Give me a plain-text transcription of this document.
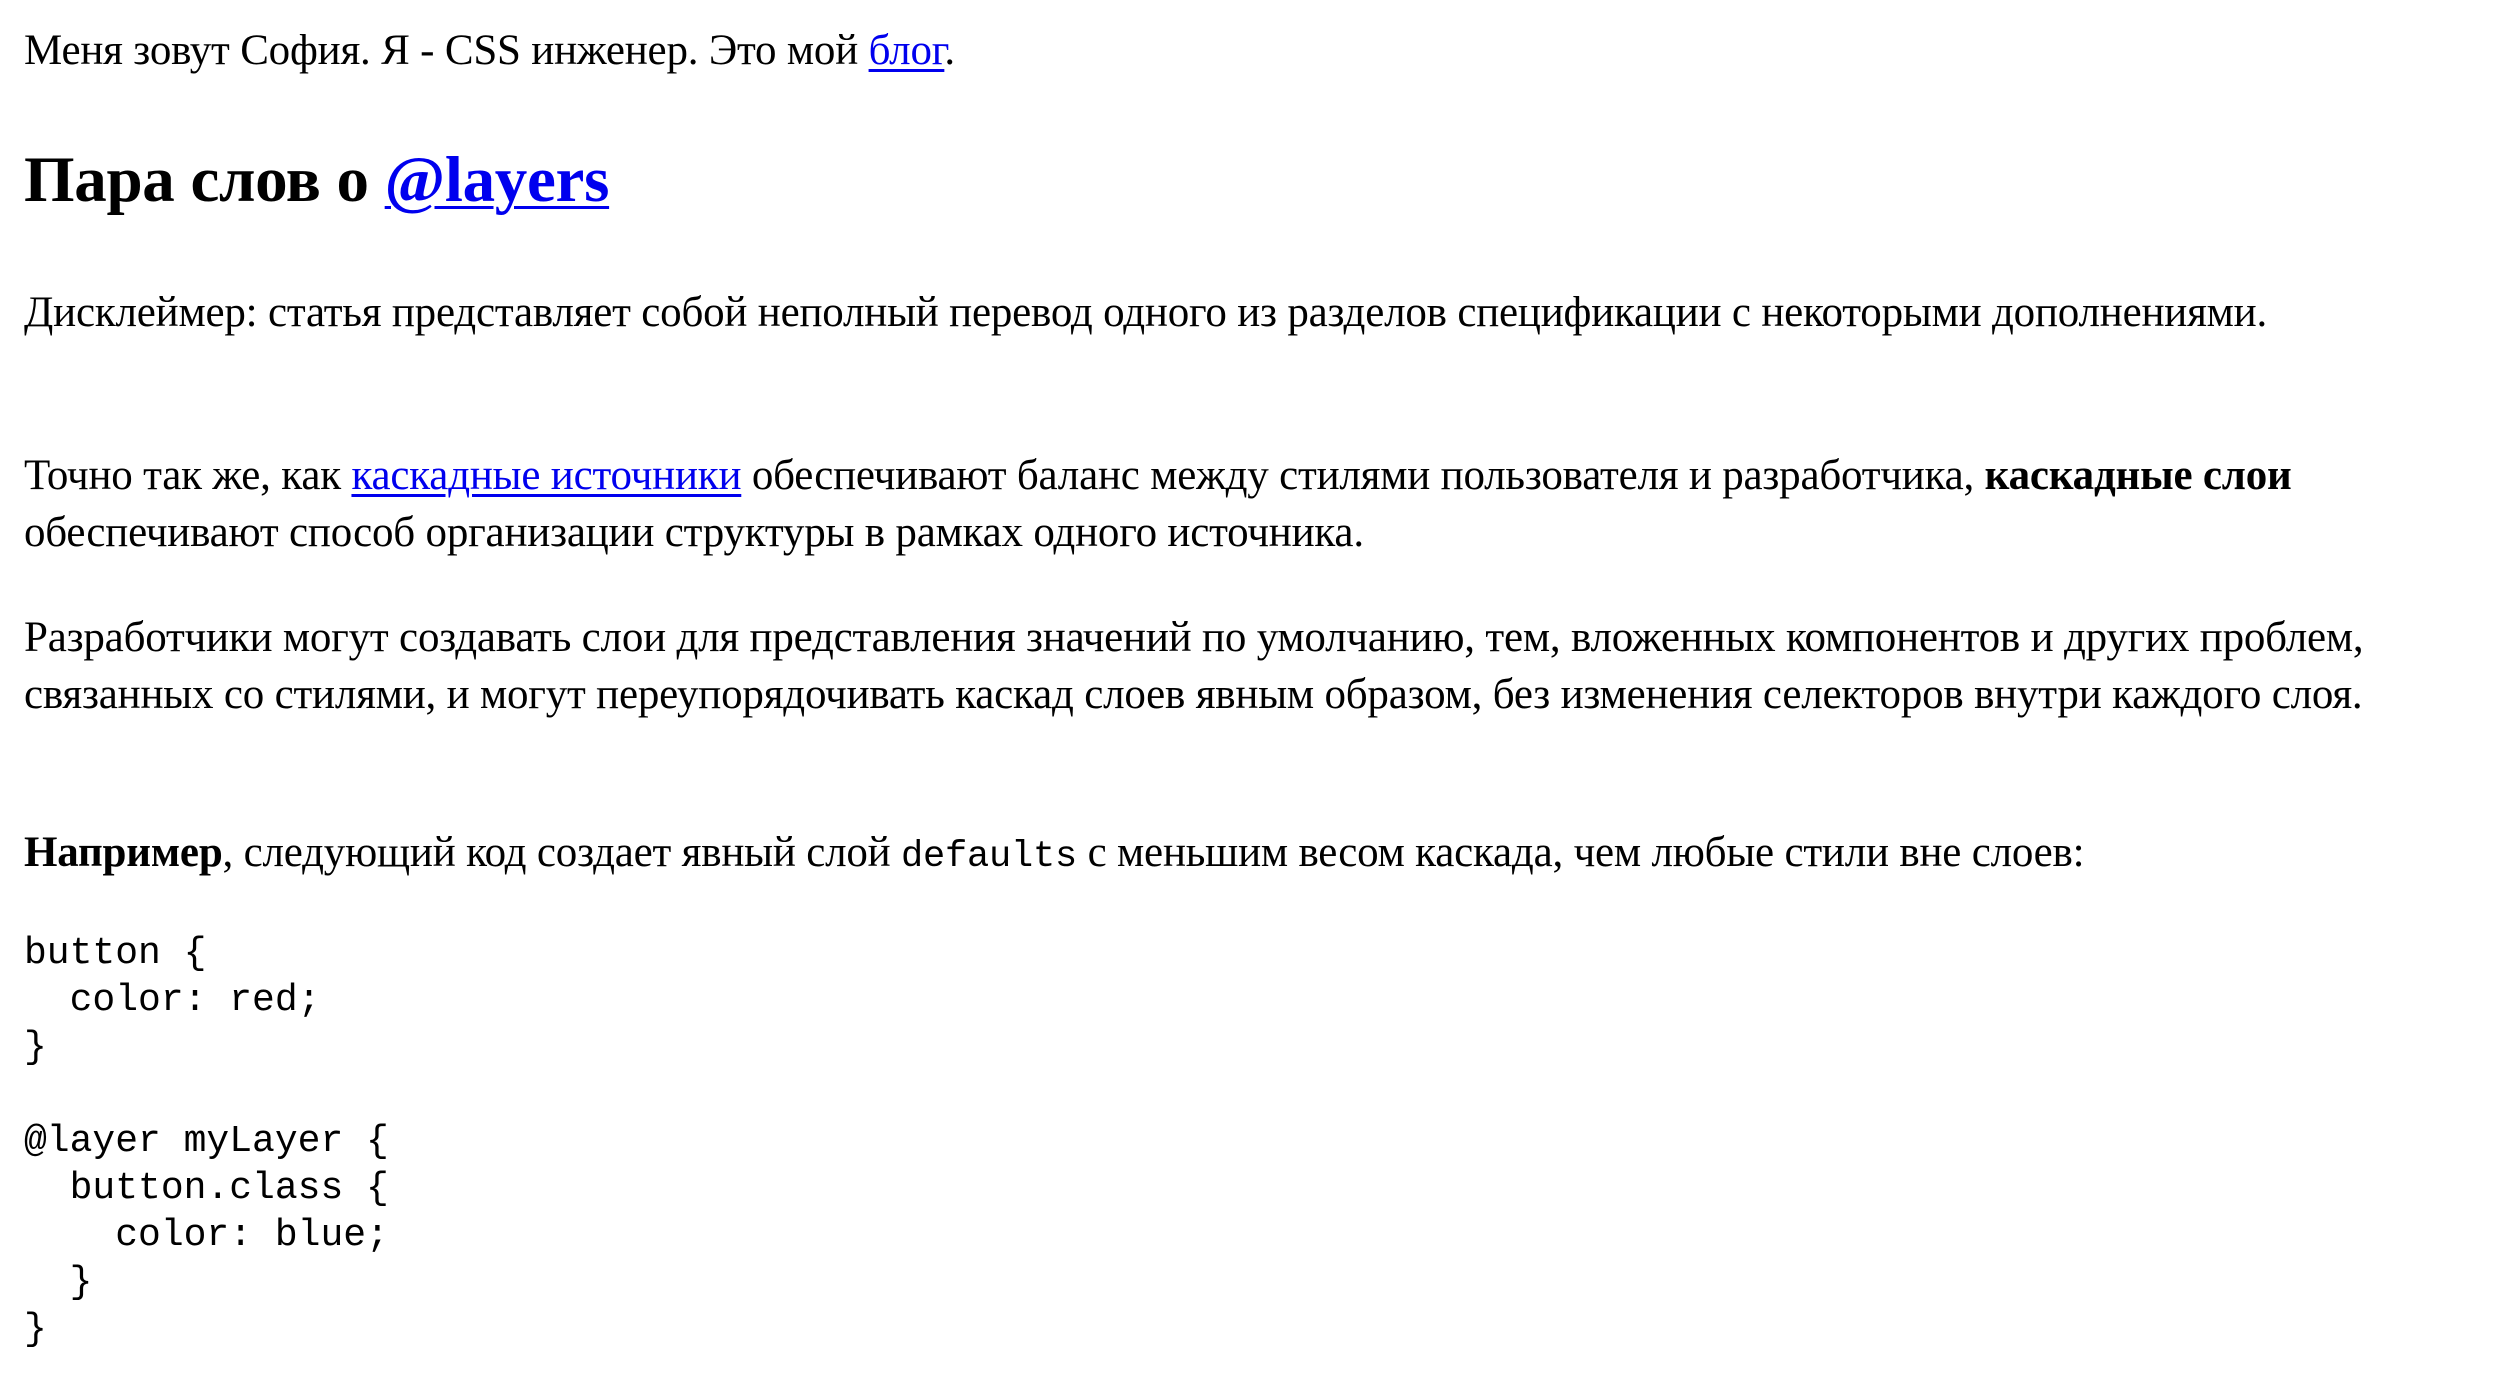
Меня зовут София. Я - CSS инженер. Это мой блог.

Пара слов о @layers

Дисклеймер: статья представляет собой неполный перевод одного из разделов спецификации с некоторыми дополнениями.

Точно так же, как каскадные источники обеспечивают баланс между стилями пользователя и разработчика, каскадные слои обеспечивают способ организации структуры в рамках одного источника.

Разработчики могут создавать слои для представления значений по умолчанию, тем, вложенных компонентов и других проблем, связанных со стилями, и могут переупорядочивать каскад слоев явным образом, без изменения селекторов внутри каждого слоя.

Например, следующий код создает явный слой defaults с меньшим весом каскада, чем любые стили вне слоев:

button {
color: red;
}

@layer myLayer {
button.class {
color: blue;
}
}
